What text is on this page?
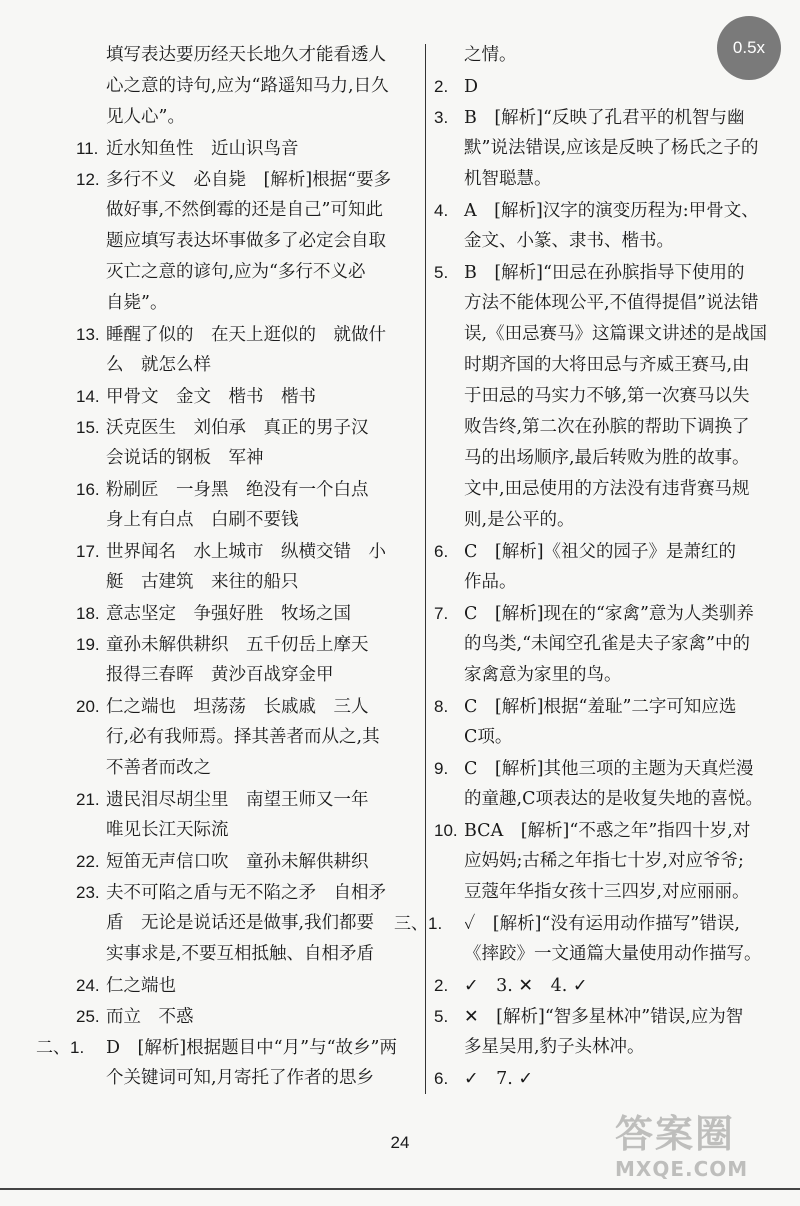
填写表达要历经天长地久才能看透人
心之意的诗句,应为“路遥知马力,日久
见人心”。
11. 近水知鱼性　近山识鸟音
12. 多行不义　必自毙　[解析]根据“要多
做好事,不然倒霉的还是自己”可知此
题应填写表达坏事做多了必定会自取
灭亡之意的谚句,应为“多行不义必
自毙”。
13. 睡醒了似的　在天上逛似的　就做什
么　就怎么样
14. 甲骨文　金文　楷书　楷书
15. 沃克医生　刘伯承　真正的男子汉
会说话的钢板　军神
16. 粉刷匠　一身黑　绝没有一个白点
身上有白点　白刷不要钱
17. 世界闻名　水上城市　纵横交错　小
艇　古建筑　来往的船只
18. 意志坚定　争强好胜　牧场之国
19. 童孙未解供耕织　五千仞岳上摩天
报得三春晖　黄沙百战穿金甲
20. 仁之端也　坦荡荡　长戚戚　三人
行,必有我师焉。择其善者而从之,其
不善者而改之
21. 遗民泪尽胡尘里　南望王师又一年
唯见长江天际流
22. 短笛无声信口吹　童孙未解供耕织
23. 夫不可陷之盾与无不陷之矛　自相矛
盾　无论是说话还是做事,我们都要
实事求是,不要互相抵触、自相矛盾
24. 仁之端也
25. 而立　不惑
二、1. D　[解析]根据题目中“月”与“故乡”两
个关键词可知,月寄托了作者的思乡
之情。
2. D
3. B　[解析]“反映了孔君平的机智与幽
默”说法错误,应该是反映了杨氏之子的
机智聪慧。
4. A　[解析]汉字的演变历程为:甲骨文、
金文、小篆、隶书、楷书。
5. B　[解析]“田忌在孙膑指导下使用的
方法不能体现公平,不值得提倡”说法错
误,《田忌赛马》这篇课文讲述的是战国
时期齐国的大将田忌与齐威王赛马,由
于田忌的马实力不够,第一次赛马以失
败告终,第二次在孙膑的帮助下调换了
马的出场顺序,最后转败为胜的故事。
文中,田忌使用的方法没有违背赛马规
则,是公平的。
6. C　[解析]《祖父的园子》是萧红的
作品。
7. C　[解析]现在的“家禽”意为人类驯养
的鸟类,“未闻空孔雀是夫子家禽”中的
家禽意为家里的鸟。
8. C　[解析]根据“羞耻”二字可知应选
C项。
9. C　[解析]其他三项的主题为天真烂漫
的童趣,C项表达的是收复失地的喜悦。
10. BCA　[解析]“不惑之年”指四十岁,对
应妈妈;古稀之年指七十岁,对应爷爷;
豆蔻年华指女孩十三四岁,对应丽丽。
三、1. ✓　[解析]“没有运用动作描写”错误,
《摔跤》一文通篇大量使用动作描写。
2. ✓　3. ✕　4. ✓
5. ✕　[解析]“智多星林冲”错误,应为智
多星吴用,豹子头林冲。
6. ✓　7. ✓
0.5x
24	答案圈
MXQE.COM
